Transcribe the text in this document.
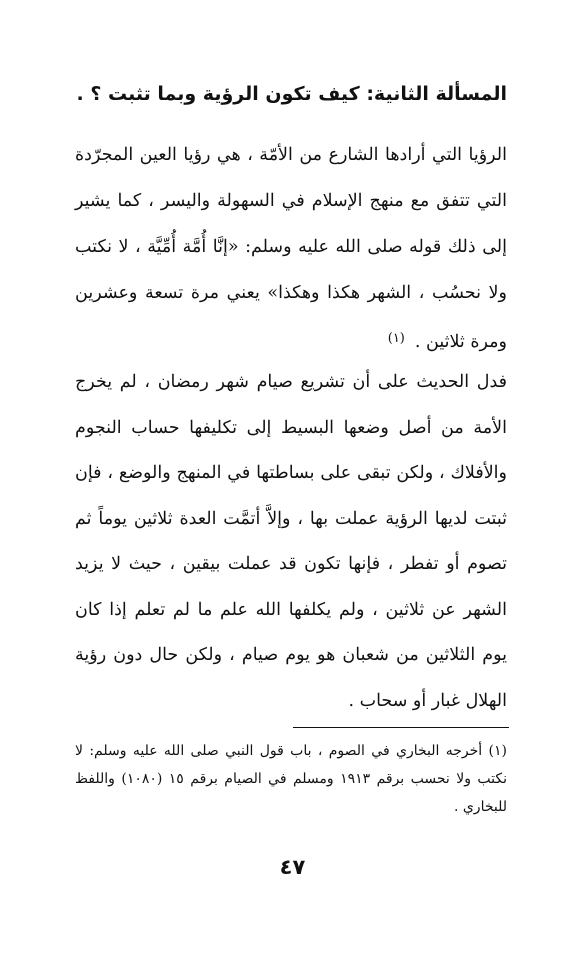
المسألة الثانية: كيف تكون الرؤية وبما تثبت ؟ .

الرؤيا التي أرادها الشارع من الأمّة ، هي رؤيا العين المجرّدة التي تتفق مع منهج الإسلام في السهولة واليسر ، كما يشير إلى ذلك قوله صلى الله عليه وسلم: «إنَّا أُمَّة أُمِّيَّة ، لا نكتب ولا نحسُب ، الشهر هكذا وهكذا» يعني مرة تسعة وعشرين ومرة ثلاثين .$^{(١)}$

فدل الحديث على أن تشريع صيام شهر رمضان ، لم يخرج الأمة من أصل وضعها البسيط إلى تكليفها حساب النجوم والأفلاك ، ولكن تبقى على بساطتها في المنهج والوضع ، فإن ثبتت لديها الرؤية عملت بها ، وإلاَّ أتمَّت العدة ثلاثين يوماً ثم تصوم أو تفطر ، فإنها تكون قد عملت بيقين ، حيث لا يزيد الشهر عن ثلاثين ، ولم يكلفها الله علم ما لم تعلم إذا كان يوم الثلاثين من شعبان هو يوم صيام ، ولكن حال دون رؤية الهلال غبار أو سحاب .

(١) أخرجه البخاري في الصوم ، باب قول النبي صلى الله عليه وسلم: لا نكتب ولا نحسب برقم ١٩١٣ ومسلم في الصيام برقم ١٥ (١٠٨٠) واللفظ للبخاري .

٤٧
